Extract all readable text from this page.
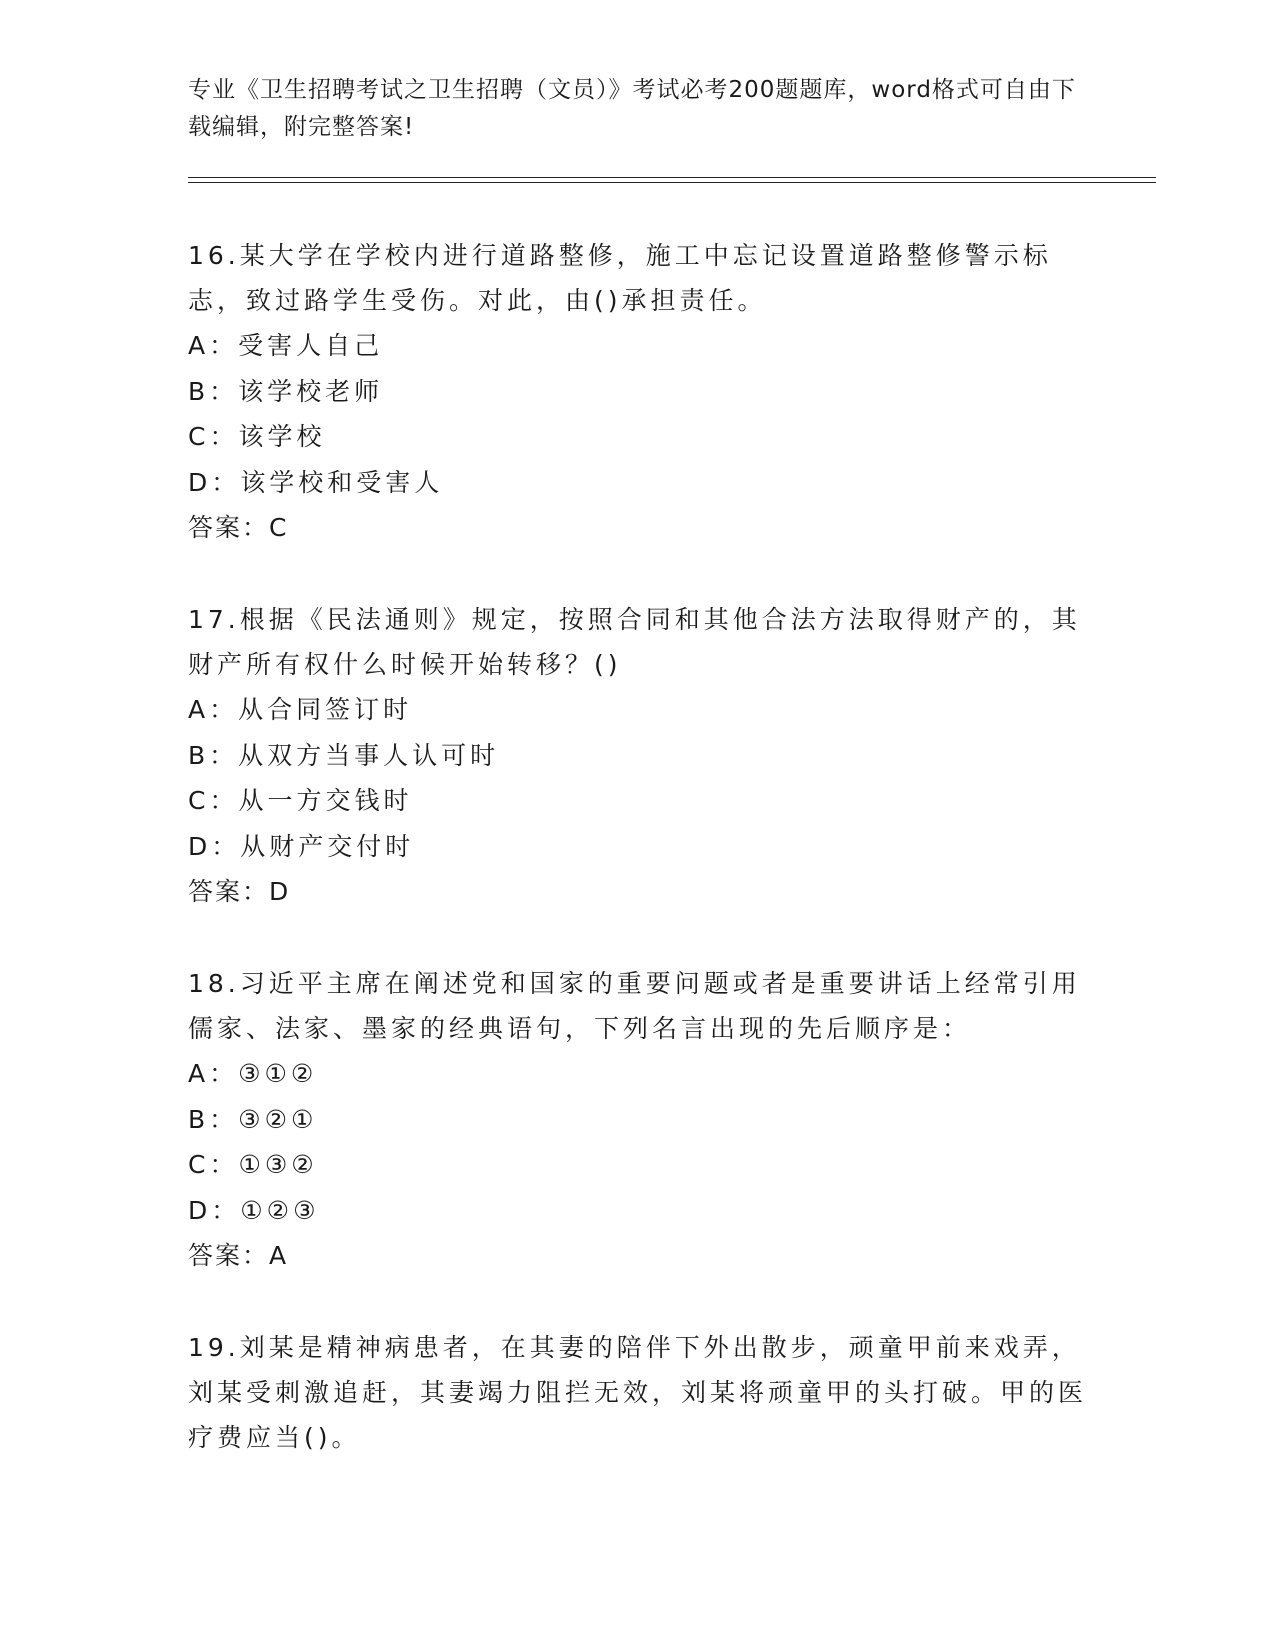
专业《卫生招聘考试之卫生招聘（文员）》考试必考200题题库，word格式可自由下载编辑，附完整答案!

16.某大学在学校内进行道路整修，施工中忘记设置道路整修警示标志，致过路学生受伤。对此，由()承担责任。

A：受害人自己

B：该学校老师

C：该学校

D：该学校和受害人

答案：C

17.根据《民法通则》规定，按照合同和其他合法方法取得财产的，其财产所有权什么时候开始转移？()

A：从合同签订时

B：从双方当事人认可时

C：从一方交钱时

D：从财产交付时

答案：D

18.习近平主席在阐述党和国家的重要问题或者是重要讲话上经常引用儒家、法家、墨家的经典语句，下列名言出现的先后顺序是：

A：③①②

B：③②①

C：①③②

D：①②③

答案：A

19.刘某是精神病患者，在其妻的陪伴下外出散步，顽童甲前来戏弄，刘某受刺激追赶，其妻竭力阻拦无效，刘某将顽童甲的头打破。甲的医疗费应当()。
